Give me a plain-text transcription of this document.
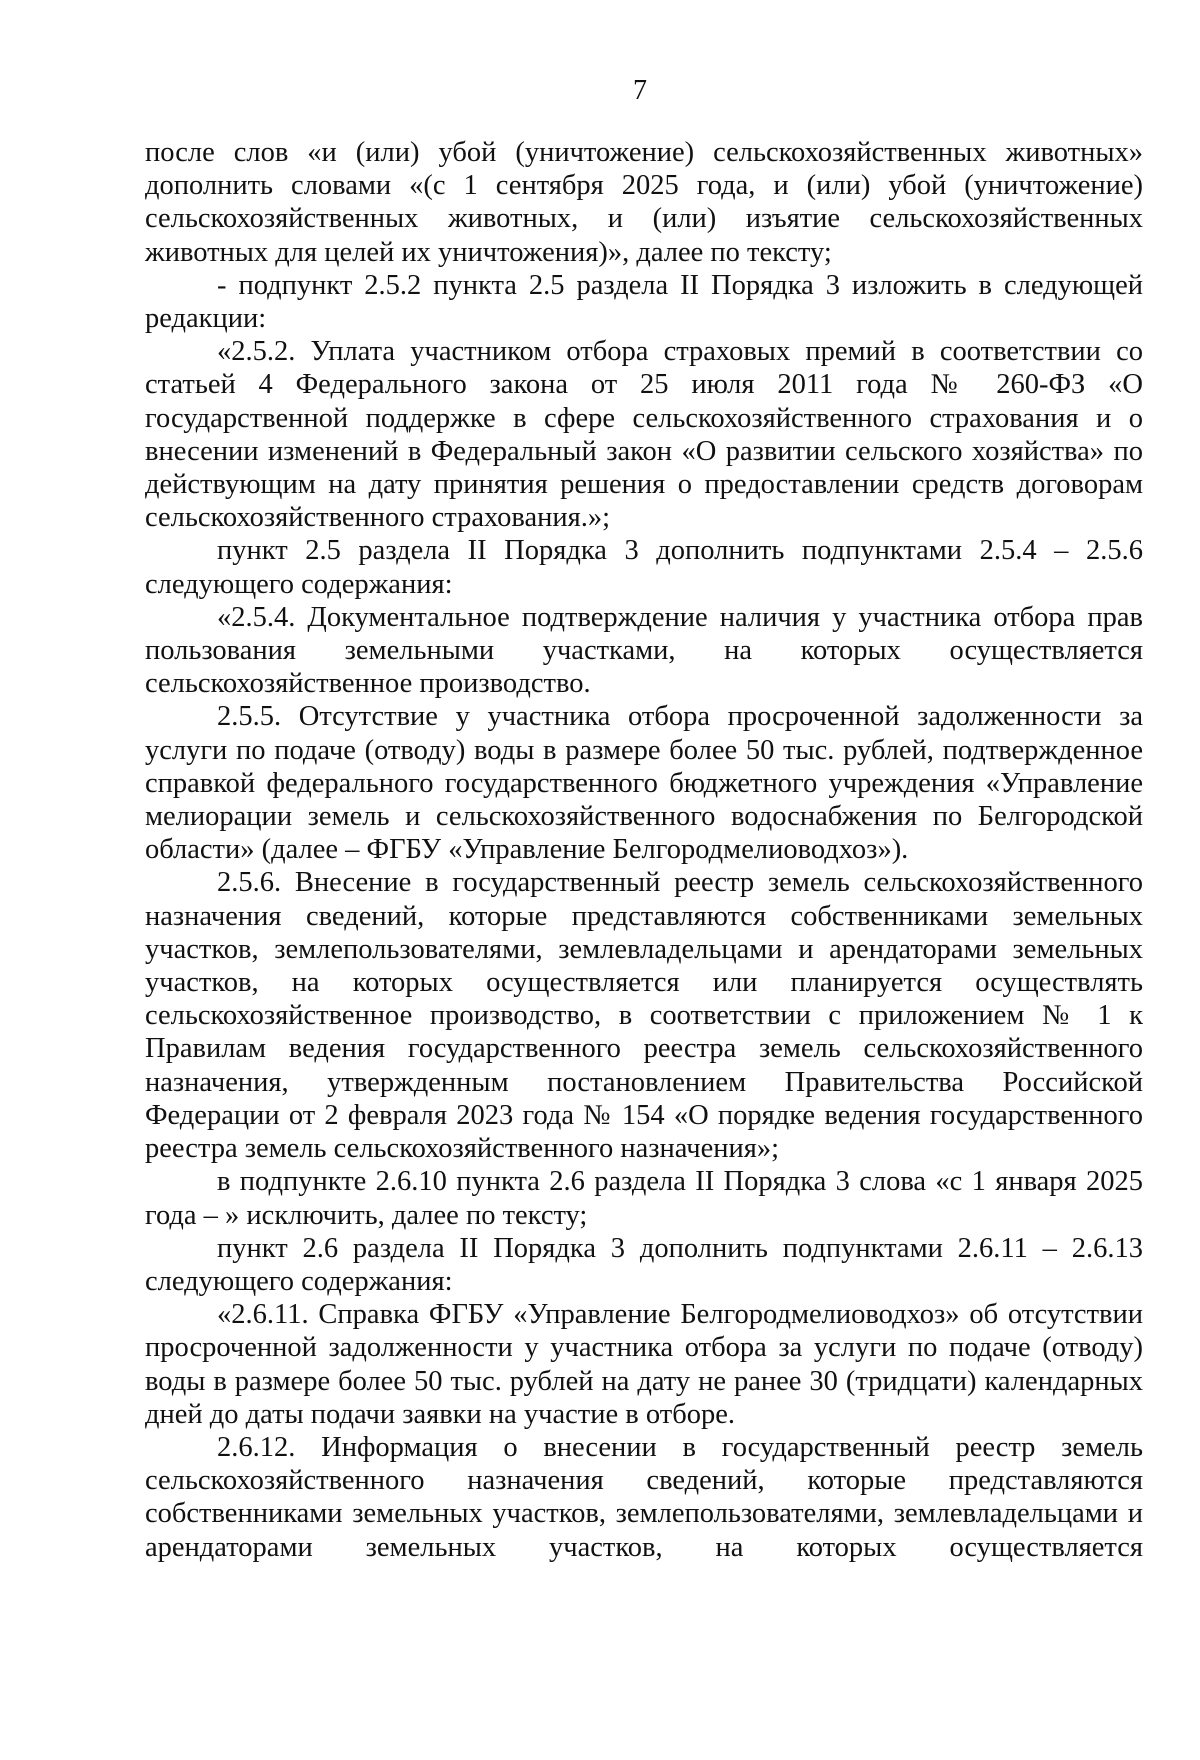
7

после слов «и (или) убой (уничтожение) сельскохозяйственных животных» дополнить словами «(с 1 сентября 2025 года, и (или) убой (уничтожение) сельскохозяйственных животных, и (или) изъятие сельскохозяйственных животных для целей их уничтожения)», далее по тексту;

- подпункт 2.5.2 пункта 2.5 раздела II Порядка 3 изложить в следующей редакции:

«2.5.2. Уплата участником отбора страховых премий в соответствии со статьей 4 Федерального закона от 25 июля 2011 года № 260-ФЗ «О государственной поддержке в сфере сельскохозяйственного страхования и о внесении изменений в Федеральный закон «О развитии сельского хозяйства» по действующим на дату принятия решения о предоставлении средств договорам сельскохозяйственного страхования.»;

пункт 2.5 раздела II Порядка 3 дополнить подпунктами 2.5.4 – 2.5.6 следующего содержания:

«2.5.4. Документальное подтверждение наличия у участника отбора прав пользования земельными участками, на которых осуществляется сельскохозяйственное производство.

2.5.5. Отсутствие у участника отбора просроченной задолженности за услуги по подаче (отводу) воды в размере более 50 тыс. рублей, подтвержденное справкой федерального государственного бюджетного учреждения «Управление мелиорации земель и сельскохозяйственного водоснабжения по Белгородской области» (далее – ФГБУ «Управление Белгородмелиоводхоз»).

2.5.6. Внесение в государственный реестр земель сельскохозяйственного назначения сведений, которые представляются собственниками земельных участков, землепользователями, землевладельцами и арендаторами земельных участков, на которых осуществляется или планируется осуществлять сельскохозяйственное производство, в соответствии с приложением № 1 к Правилам ведения государственного реестра земель сельскохозяйственного назначения, утвержденным постановлением Правительства Российской Федерации от 2 февраля 2023 года № 154 «О порядке ведения государственного реестра земель сельскохозяйственного назначения»;

в подпункте 2.6.10 пункта 2.6 раздела II Порядка 3 слова «с 1 января 2025 года – » исключить, далее по тексту;

пункт 2.6 раздела II Порядка 3 дополнить подпунктами 2.6.11 – 2.6.13 следующего содержания:

«2.6.11. Справка ФГБУ «Управление Белгородмелиоводхоз» об отсутствии просроченной задолженности у участника отбора за услуги по подаче (отводу) воды в размере более 50 тыс. рублей на дату не ранее 30 (тридцати) календарных дней до даты подачи заявки на участие в отборе.

2.6.12. Информация о внесении в государственный реестр земель сельскохозяйственного назначения сведений, которые представляются собственниками земельных участков, землепользователями, землевладельцами и арендаторами земельных участков, на которых осуществляется
